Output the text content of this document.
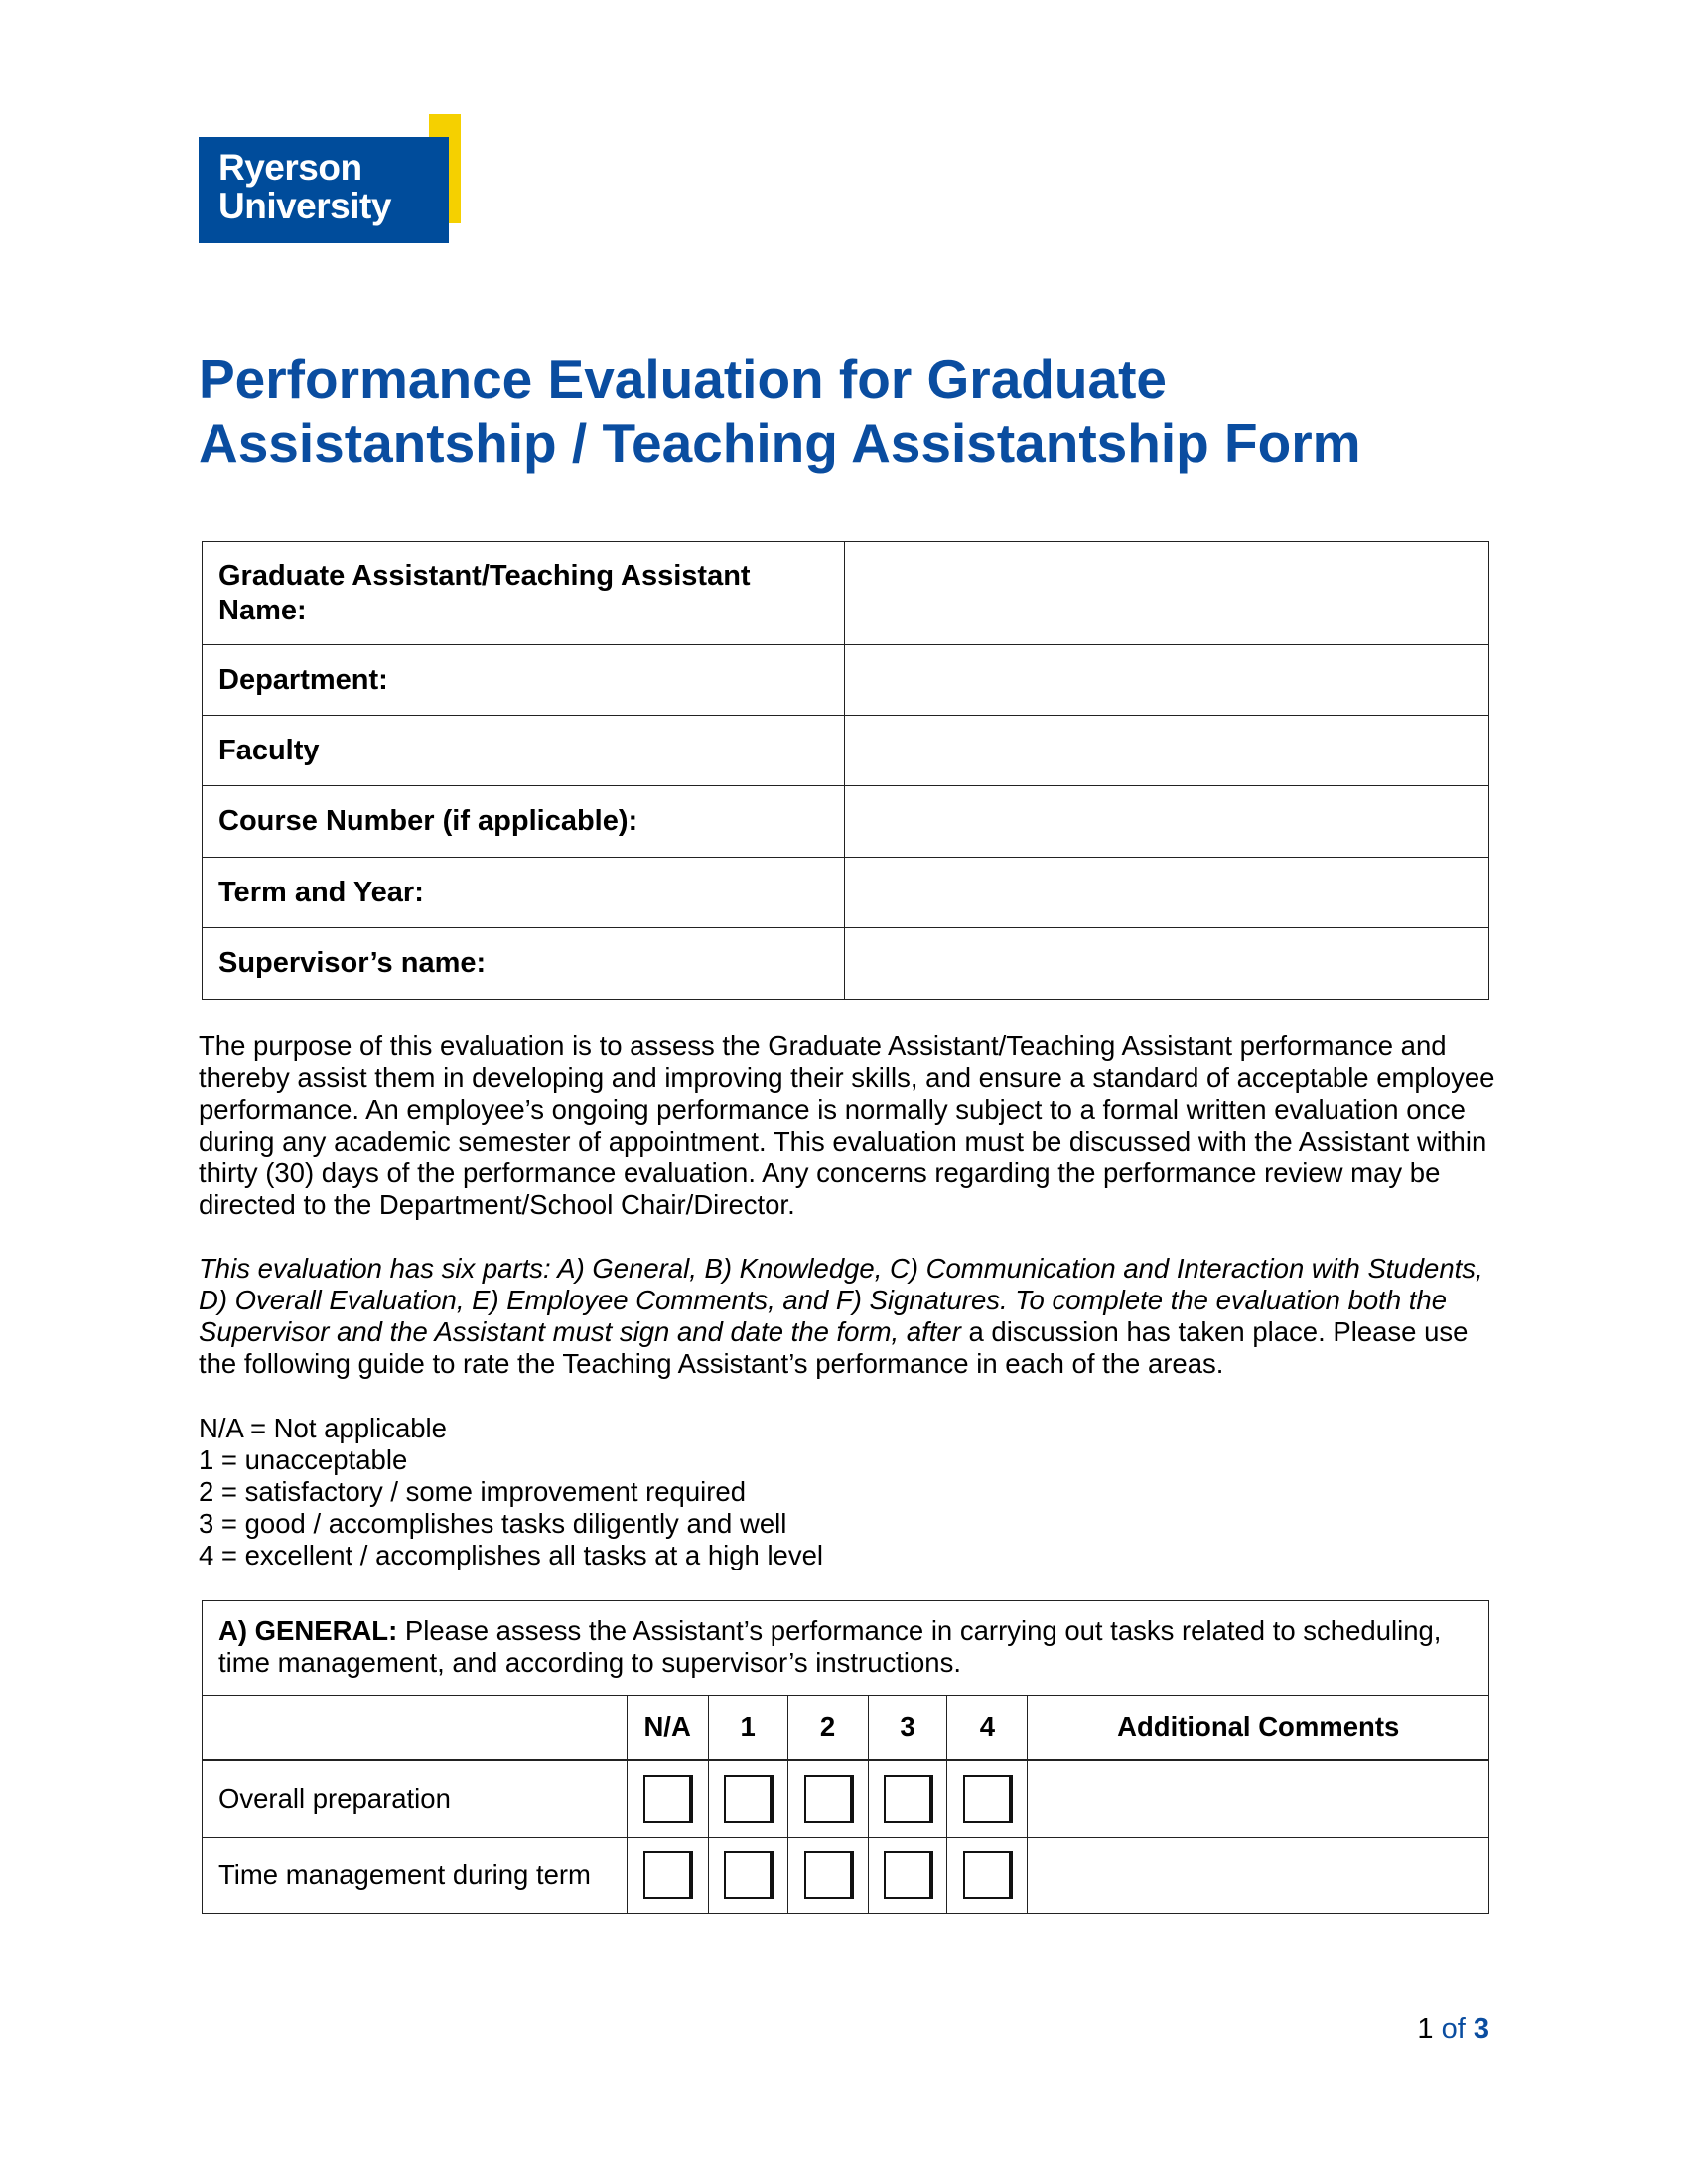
Ryerson
University
Performance Evaluation for Graduate Assistantship / Teaching Assistantship Form
Graduate Assistant/Teaching Assistant Name:	
Department:	
Faculty	
Course Number (if applicable):	
Term and Year:	
Supervisor’s name:	

The purpose of this evaluation is to assess the Graduate Assistant/Teaching Assistant performance and thereby assist them in developing and improving their skills, and ensure a standard of acceptable employee performance. An employee’s ongoing performance is normally subject to a formal written evaluation once during any academic semester of appointment. This evaluation must be discussed with the Assistant within thirty (30) days of the performance evaluation. Any concerns regarding the performance review may be directed to the Department/School Chair/Director.

This evaluation has six parts: A) General, B) Knowledge, C) Communication and Interaction with Students, D) Overall Evaluation, E) Employee Comments, and F) Signatures. To complete the evaluation both the Supervisor and the Assistant must sign and date the form, after a discussion has taken place. Please use the following guide to rate the Teaching Assistant’s performance in each of the areas.

N/A = Not applicable
1 = unacceptable
2 = satisfactory / some improvement required
3 = good / accomplishes tasks diligently and well
4 = excellent / accomplishes all tasks at a high level
A) GENERAL: Please assess the Assistant’s performance in carrying out tasks related to scheduling, time management, and according to supervisor’s instructions.						
	N/A	1	2	3	4	Additional Comments
Overall preparation						
Time management during term						
1 of 3
